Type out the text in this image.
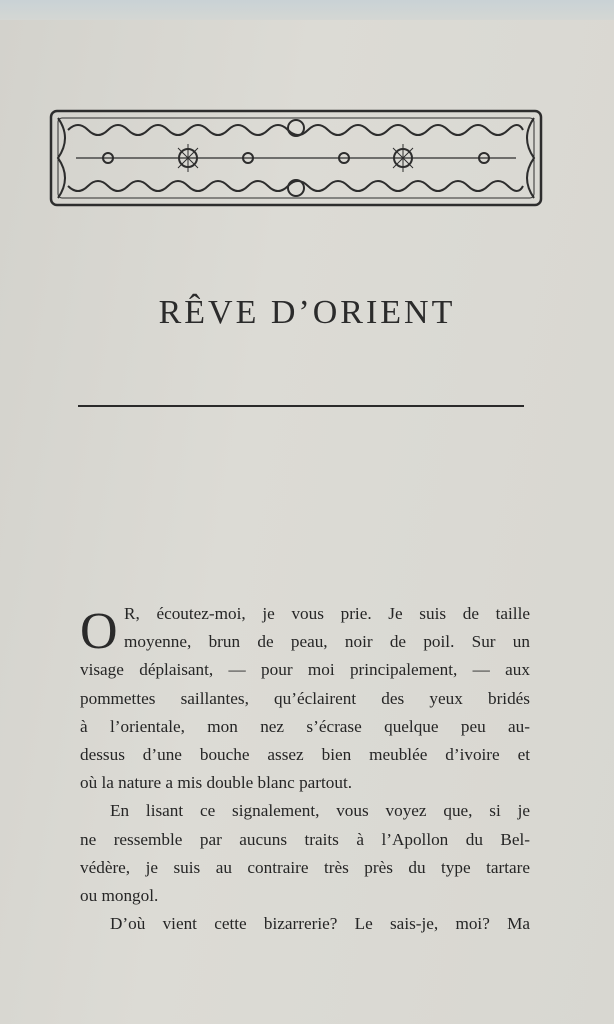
RÊVE D’ORIENT
O R, écoutez-moi, je vous prie. Je suis de taille
moyenne, brun de peau, noir de poil. Sur un
visage déplaisant, — pour moi principalement, — aux
pommettes saillantes, qu’éclairent des yeux bridés
à l’orientale, mon nez s’écrase quelque peu au-
dessus d’une bouche assez bien meublée d’ivoire et
où la nature a mis double blanc partout.
En lisant ce signalement, vous voyez que, si je
ne ressemble par aucuns traits à l’Apollon du Bel-
védère, je suis au contraire très près du type tartare
ou mongol.
D’où vient cette bizarrerie? Le sais-je, moi? Ma
